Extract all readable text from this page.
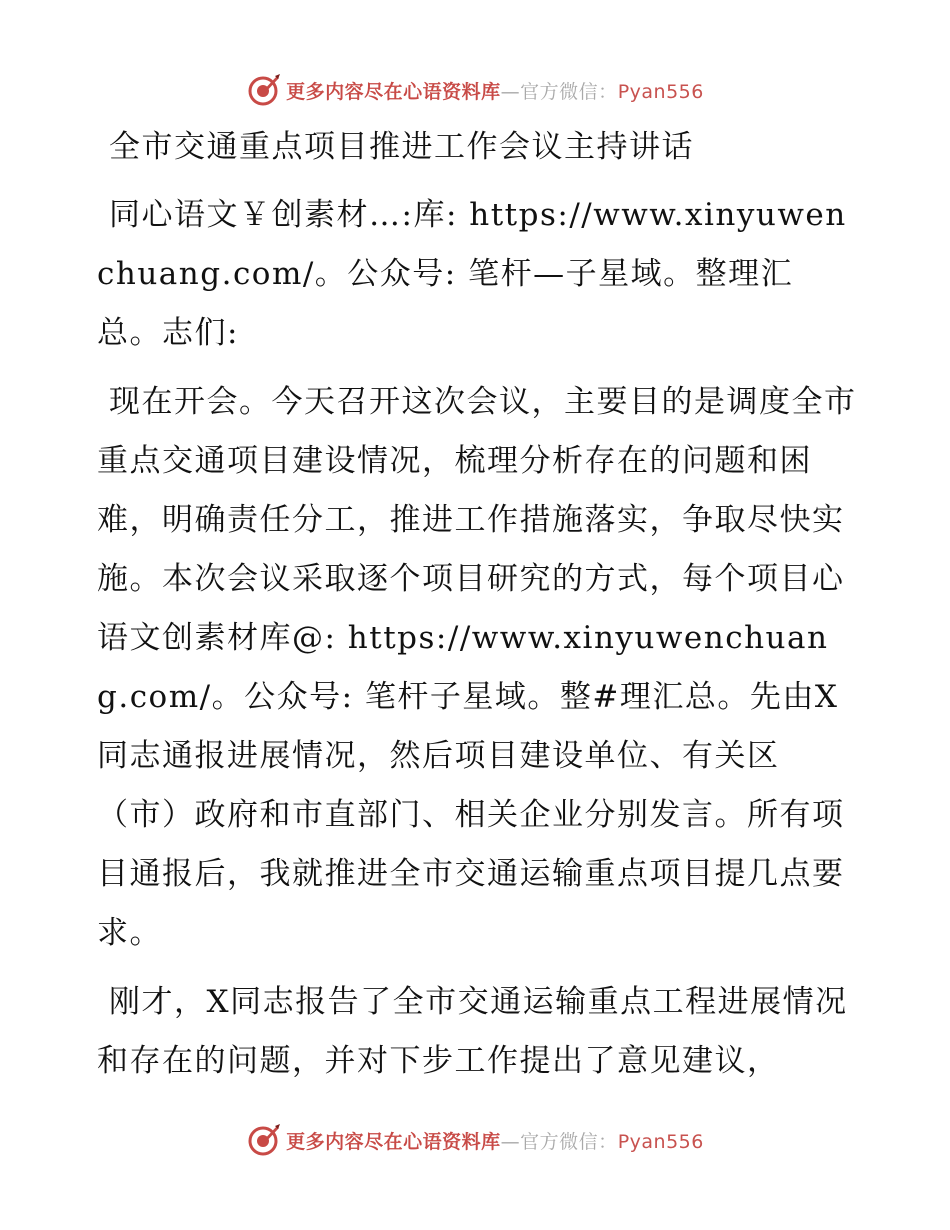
更多内容尽在心语资料库—官方微信：Pyan556
全市交通重点项目推进工作会议主持讲话

同心语文￥创素材…:库: https://www.xinyuwenchuang.com/。公众号: 笔杆—子星域。整理汇总。志们:

现在开会。今天召开这次会议，主要目的是调度全市重点交通项目建设情况，梳理分析存在的问题和困难，明确责任分工，推进工作措施落实，争取尽快实施。本次会议采取逐个项目研究的方式，每个项目心语文创素材库@: https://www.xinyuwenchuang.com/。公众号: 笔杆子星域。整#理汇总。先由X同志通报进展情况，然后项目建设单位、有关区（市）政府和市直部门、相关企业分别发言。所有项目通报后，我就推进全市交通运输重点项目提几点要求。

刚才，X同志报告了全市交通运输重点工程进展情况和存在的问题，并对下步工作提出了意见建议，

更多内容尽在心语资料库—官方微信：Pyan556
